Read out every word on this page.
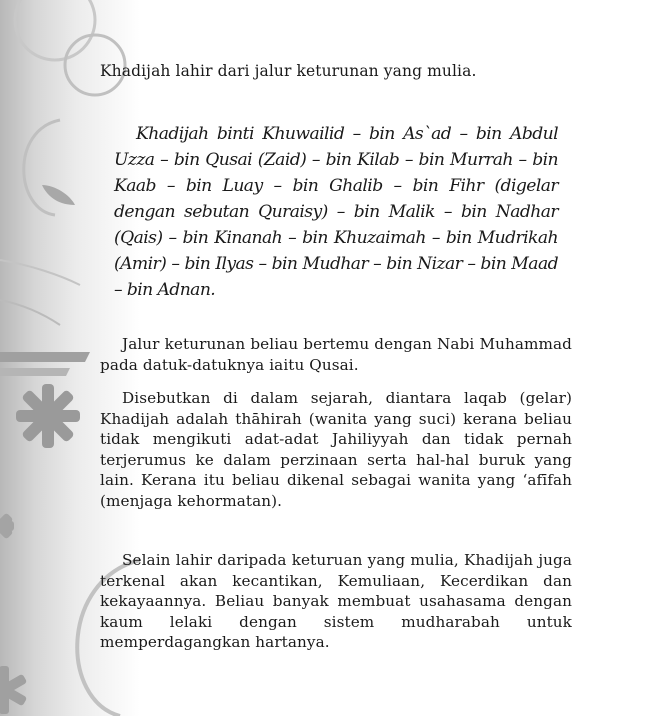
Khadijah lahir dari jalur keturunan yang mulia.
Khadijah binti Khuwailid – bin As`ad – bin Abdul Uzza – bin Qusai (Zaid) – bin Kilab – bin Murrah – bin Kaab – bin Luay – bin Ghalib – bin Fihr (digelar dengan sebutan Quraisy) – bin Malik – bin Nadhar (Qais) – bin Kinanah – bin Khuzaimah – bin Mudrikah (Amir) – bin Ilyas – bin Mudhar – bin Nizar – bin Maad – bin Adnan.
Jalur keturunan beliau bertemu dengan Nabi Muhammad pada datuk-datuknya iaitu Qusai.
Disebutkan di dalam sejarah, diantara laqab (gelar) Khadijah adalah thāhirah (wanita yang suci) kerana beliau tidak mengikuti adat-adat Jahiliyyah dan tidak pernah terjerumus ke dalam perzinaan serta hal-hal buruk yang lain. Kerana itu beliau dikenal sebagai wanita yang ‘afīfah (menjaga kehormatan).
Selain lahir daripada keturuan yang mulia, Khadijah juga terkenal akan kecantikan, Kemuliaan, Kecerdikan dan kekayaannya. Beliau banyak membuat usahasama dengan kaum lelaki dengan sistem mudharabah untuk memperdagangkan hartanya.
